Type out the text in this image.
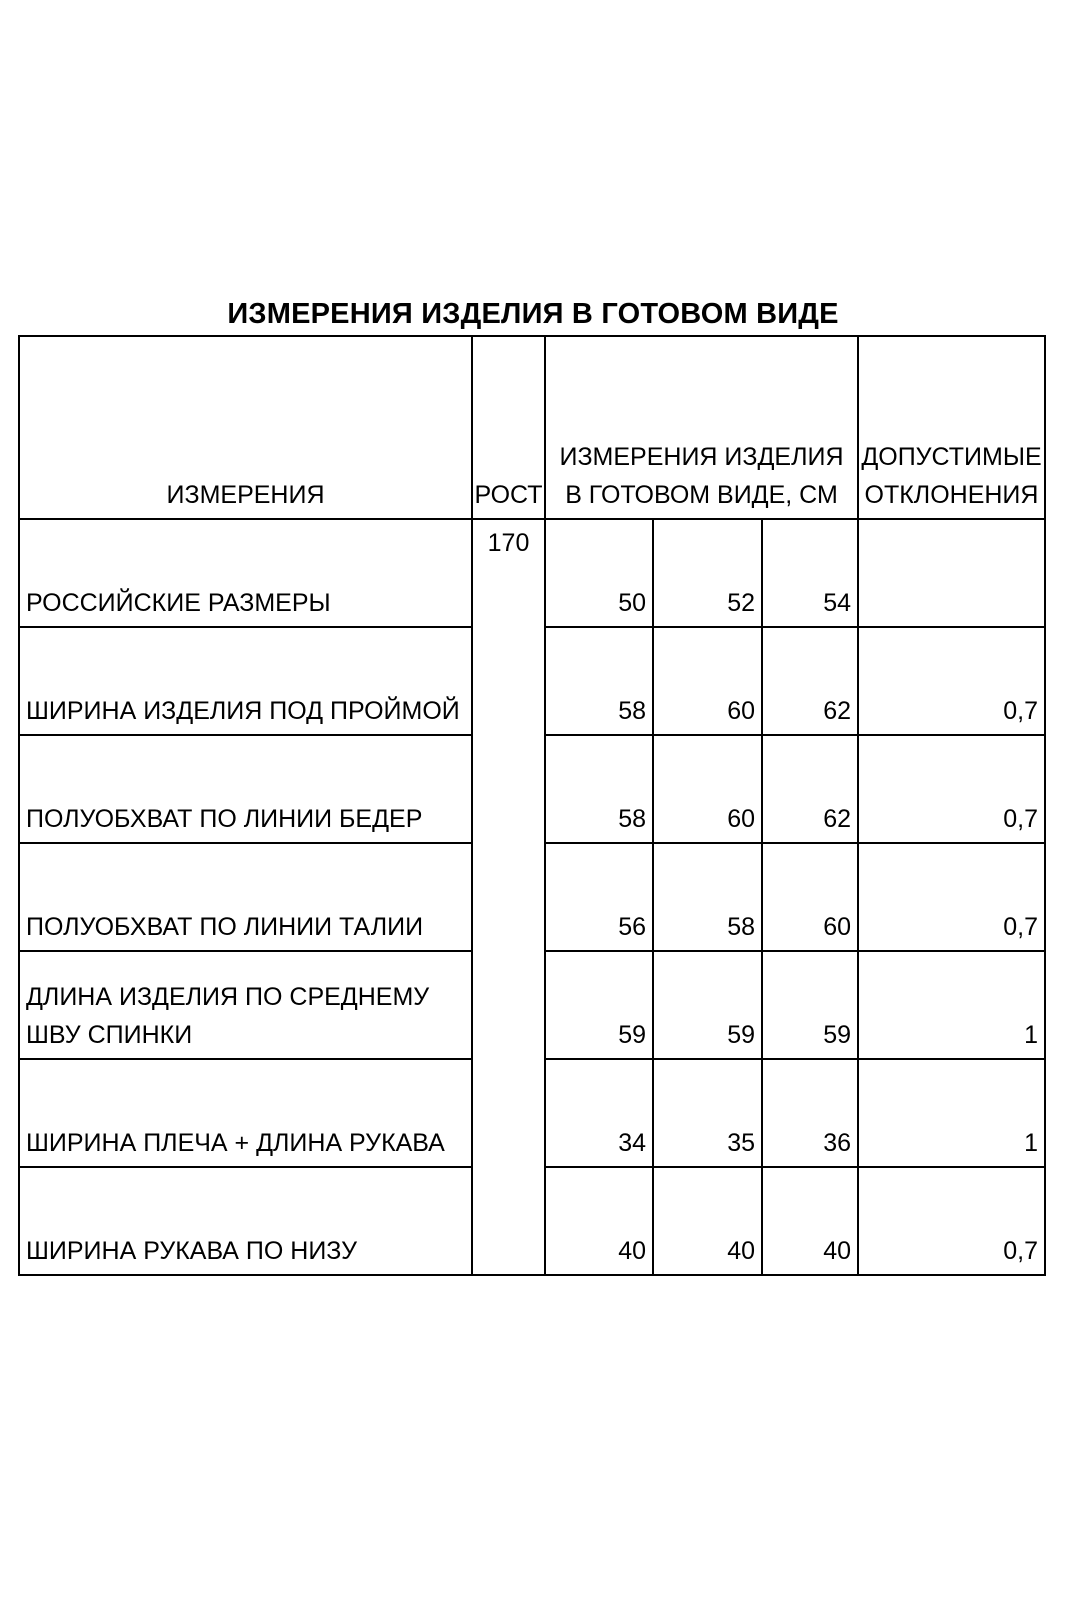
ИЗМЕРЕНИЯ ИЗДЕЛИЯ В ГОТОВОМ ВИДЕ
ИЗМЕРЕНИЯ	РОСТ	ИЗМЕРЕНИЯ ИЗДЕЛИЯ В ГОТОВОМ ВИДЕ, СМ			ДОПУСТИМЫЕ ОТКЛОНЕНИЯ
РОССИЙСКИЕ РАЗМЕРЫ	170	50	52	54	
ШИРИНА ИЗДЕЛИЯ ПОД ПРОЙМОЙ		58	60	62	0,7
ПОЛУОБХВАТ ПО ЛИНИИ БЕДЕР		58	60	62	0,7
ПОЛУОБХВАТ ПО ЛИНИИ ТАЛИИ		56	58	60	0,7
ДЛИНА ИЗДЕЛИЯ ПО СРЕДНЕМУ ШВУ СПИНКИ		59	59	59	1
ШИРИНА ПЛЕЧА + ДЛИНА РУКАВА		34	35	36	1
ШИРИНА РУКАВА ПО НИЗУ		40	40	40	0,7
